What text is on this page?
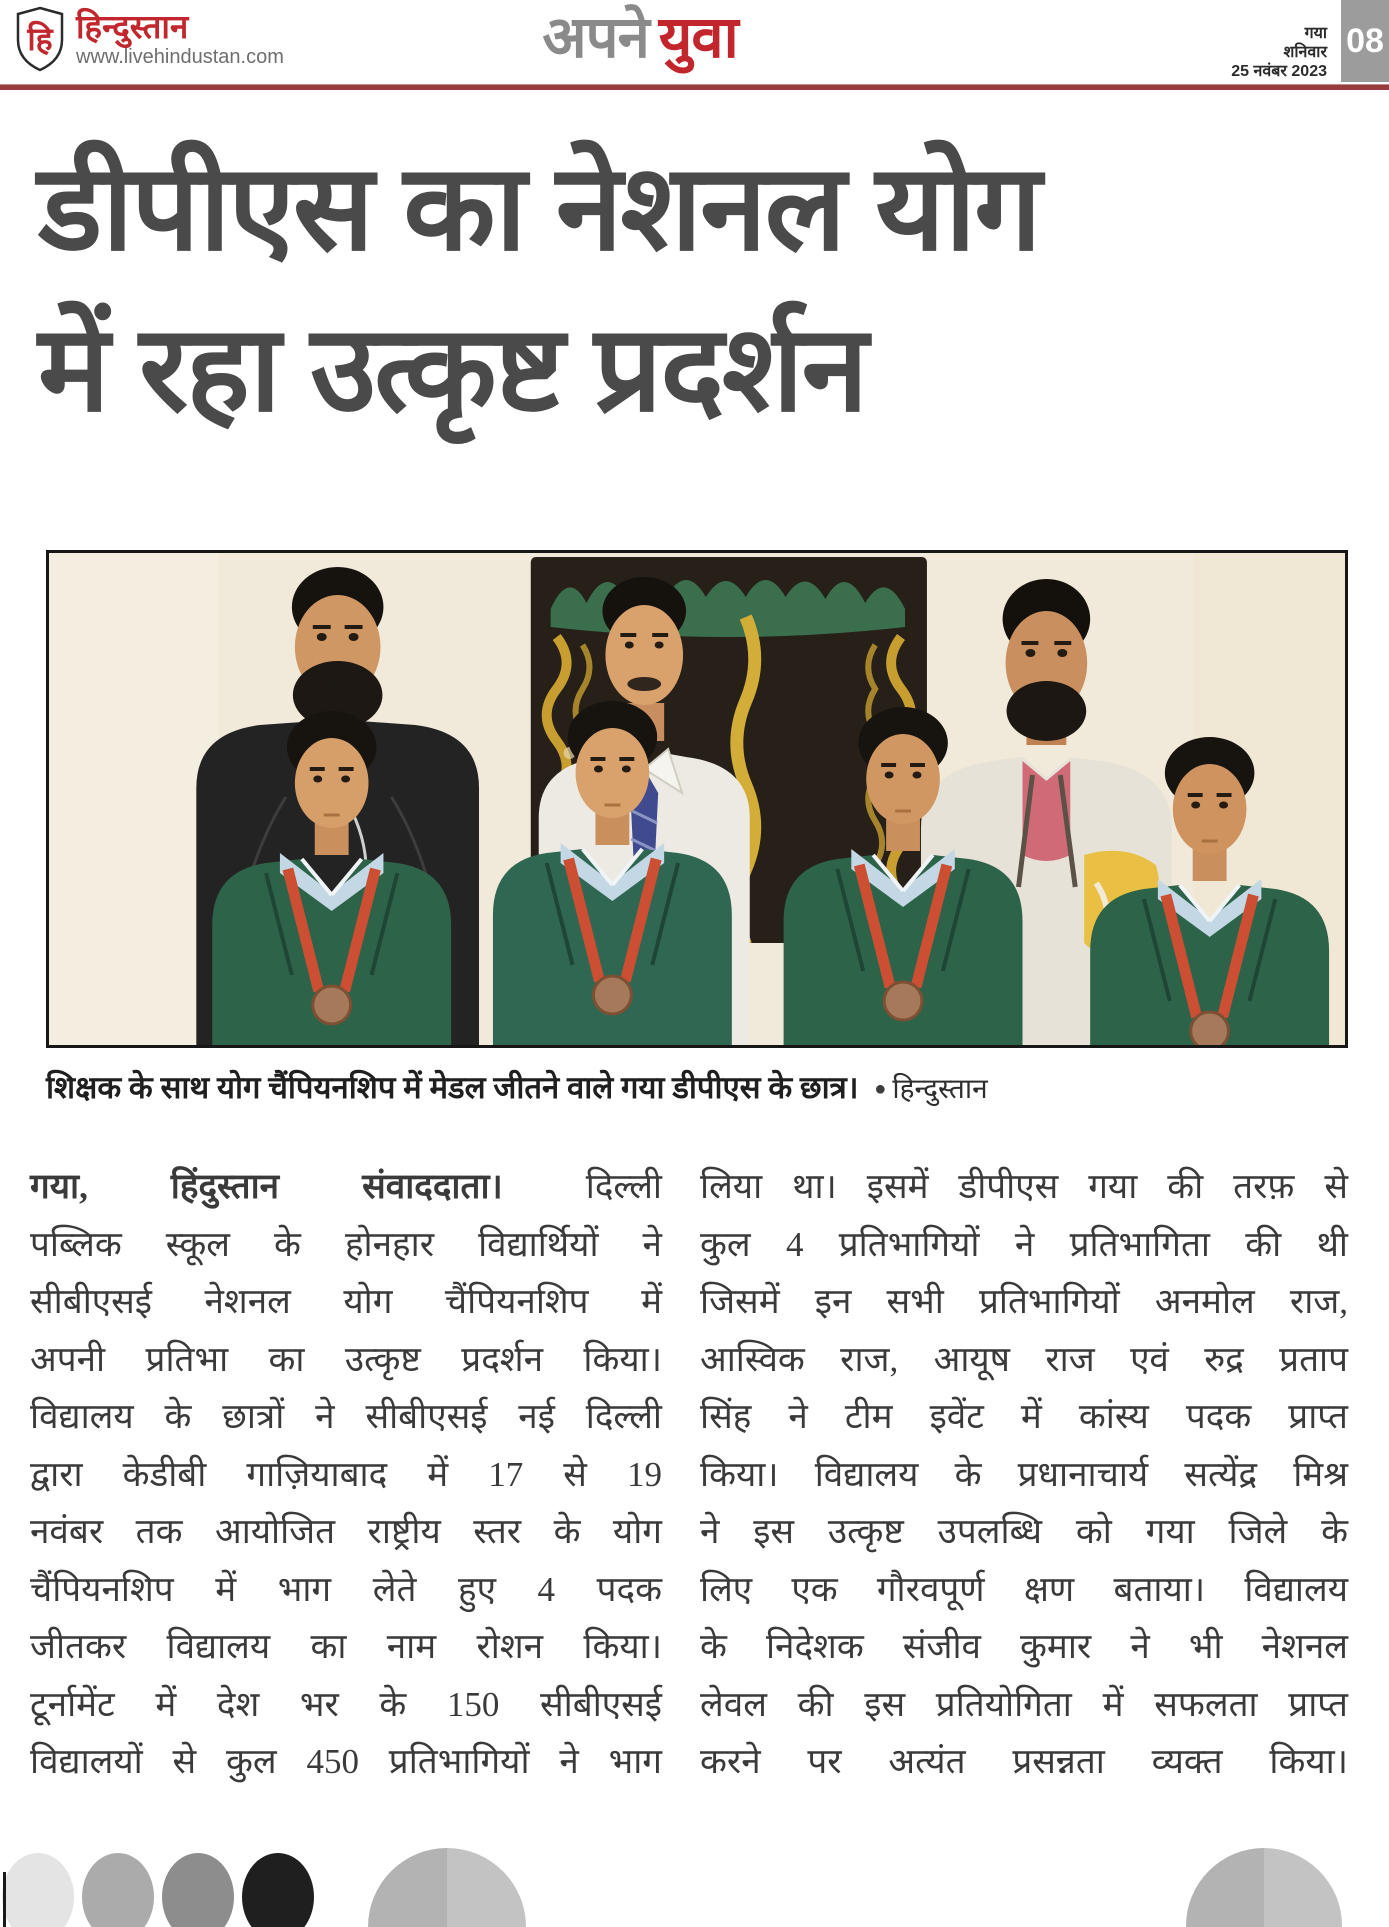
हि हिन्दुस्तान
www.livehindustan.com	अपने युवा	गया
शनिवार
25 नवंबर 2023
08
डीपीएस का नेशनल योग
में रहा उत्कृष्ट प्रदर्शन
शिक्षक के साथ योग चैंपियनशिप में मेडल जीतने वाले गया डीपीएस के छात्र। ● हिन्दुस्तान
गया, हिंदुस्तान संवाददाता। दिल्ली
पब्लिक स्कूल के होनहार विद्यार्थियों ने
सीबीएसई नेशनल योग चैंपियनशिप में
अपनी प्रतिभा का उत्कृष्ट प्रदर्शन किया।
विद्यालय के छात्रों ने सीबीएसई नई दिल्ली
द्वारा केडीबी गाज़ियाबाद में 17 से 19
नवंबर तक आयोजित राष्ट्रीय स्तर के योग
चैंपियनशिप में भाग लेते हुए 4 पदक
जीतकर विद्यालय का नाम रोशन किया।
टूर्नामेंट में देश भर के 150 सीबीएसई
विद्यालयों से कुल 450 प्रतिभागियों ने भाग
लिया था। इसमें डीपीएस गया की तरफ़ से
कुल 4 प्रतिभागियों ने प्रतिभागिता की थी
जिसमें इन सभी प्रतिभागियों अनमोल राज,
आस्विक राज, आयूष राज एवं रुद्र प्रताप
सिंह ने टीम इवेंट में कांस्य पदक प्राप्त
किया। विद्यालय के प्रधानाचार्य सत्येंद्र मिश्र
ने इस उत्कृष्ट उपलब्धि को गया जिले के
लिए एक गौरवपूर्ण क्षण बताया। विद्यालय
के निदेशक संजीव कुमार ने भी नेशनल
लेवल की इस प्रतियोगिता में सफलता प्राप्त
करने पर अत्यंत प्रसन्नता व्यक्त किया।
